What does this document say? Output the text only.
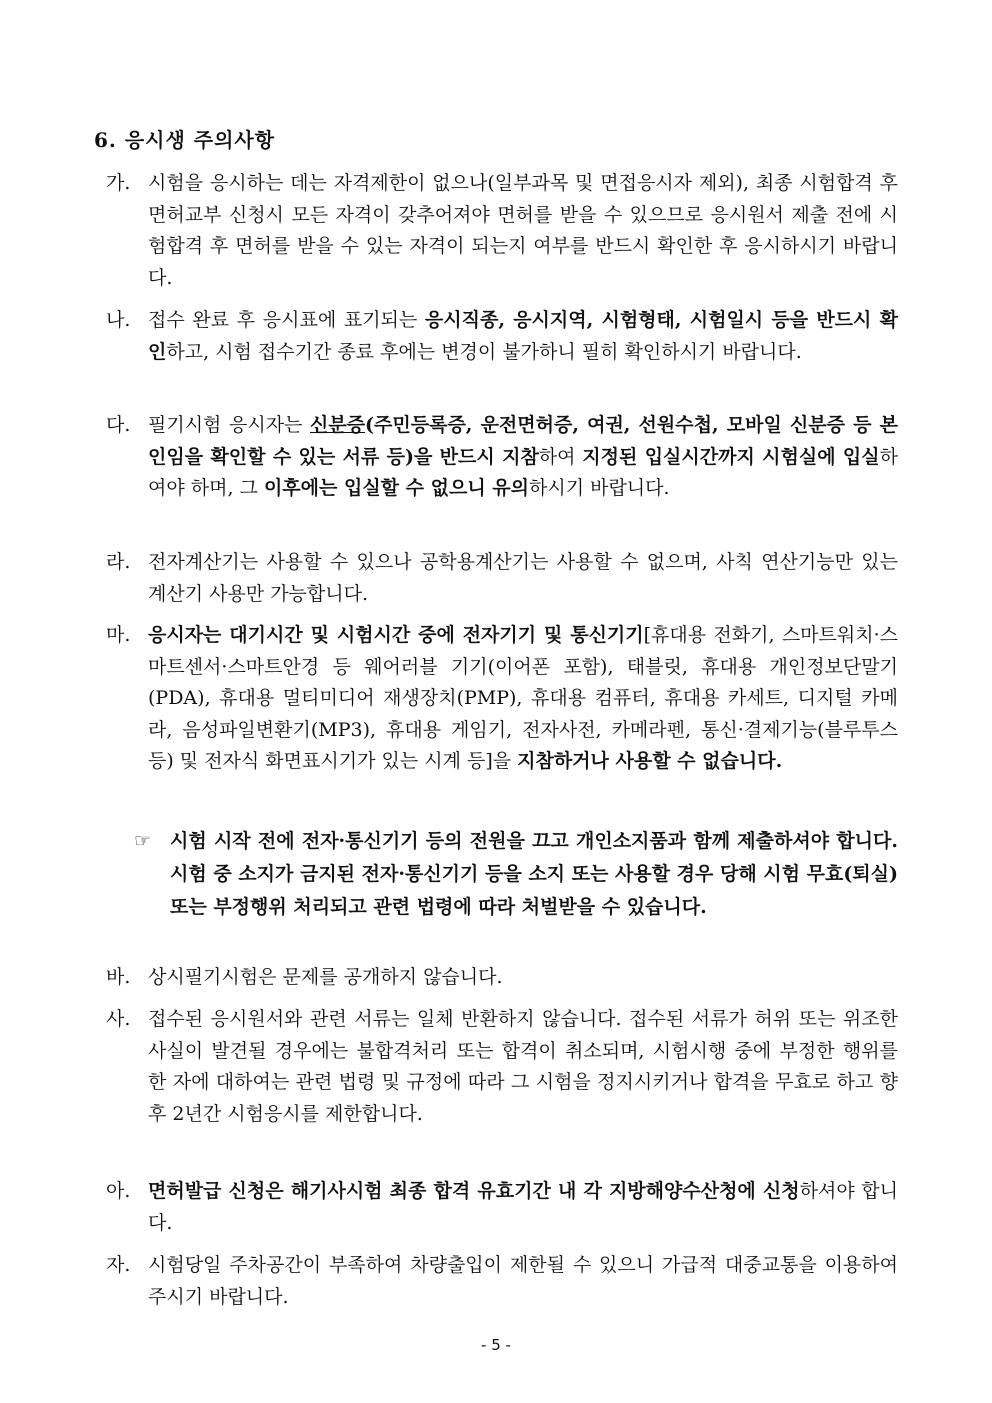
6. 응시생 주의사항
가. 시험을 응시하는 데는 자격제한이 없으나(일부과목 및 면접응시자 제외), 최종 시험합격 후 면허교부 신청시 모든 자격이 갖추어져야 면허를 받을 수 있으므로 응시원서 제출 전에 시험합격 후 면허를 받을 수 있는 자격이 되는지 여부를 반드시 확인한 후 응시하시기 바랍니다.
나. 접수 완료 후 응시표에 표기되는 응시직종, 응시지역, 시험형태, 시험일시 등을 반드시 확인하고, 시험 접수기간 종료 후에는 변경이 불가하니 필히 확인하시기 바랍니다.
다. 필기시험 응시자는 신분증(주민등록증, 운전면허증, 여권, 선원수첩, 모바일 신분증 등 본인임을 확인할 수 있는 서류 등)을 반드시 지참하여 지정된 입실시간까지 시험실에 입실하여야 하며, 그 이후에는 입실할 수 없으니 유의하시기 바랍니다.
라. 전자계산기는 사용할 수 있으나 공학용계산기는 사용할 수 없으며, 사칙 연산기능만 있는 계산기 사용만 가능합니다.
마. 응시자는 대기시간 및 시험시간 중에 전자기기 및 통신기기[휴대용 전화기, 스마트워치·스마트센서·스마트안경 등 웨어러블 기기(이어폰 포함), 태블릿, 휴대용 개인정보단말기(PDA), 휴대용 멀티미디어 재생장치(PMP), 휴대용 컴퓨터, 휴대용 카세트, 디지털 카메라, 음성파일변환기(MP3), 휴대용 게임기, 전자사전, 카메라펜, 통신·결제기능(블루투스 등) 및 전자식 화면표시기가 있는 시계 등]을 지참하거나 사용할 수 없습니다.
☞ 시험 시작 전에 전자·통신기기 등의 전원을 끄고 개인소지품과 함께 제출하셔야 합니다. 시험 중 소지가 금지된 전자·통신기기 등을 소지 또는 사용할 경우 당해 시험 무효(퇴실) 또는 부정행위 처리되고 관련 법령에 따라 처벌받을 수 있습니다.
바. 상시필기시험은 문제를 공개하지 않습니다.
사. 접수된 응시원서와 관련 서류는 일체 반환하지 않습니다. 접수된 서류가 허위 또는 위조한 사실이 발견될 경우에는 불합격처리 또는 합격이 취소되며, 시험시행 중에 부정한 행위를 한 자에 대하여는 관련 법령 및 규정에 따라 그 시험을 정지시키거나 합격을 무효로 하고 향후 2년간 시험응시를 제한합니다.
아. 면허발급 신청은 해기사시험 최종 합격 유효기간 내 각 지방해양수산청에 신청하셔야 합니다.
자. 시험당일 주차공간이 부족하여 차량출입이 제한될 수 있으니 가급적 대중교통을 이용하여 주시기 바랍니다.
- 5 -
